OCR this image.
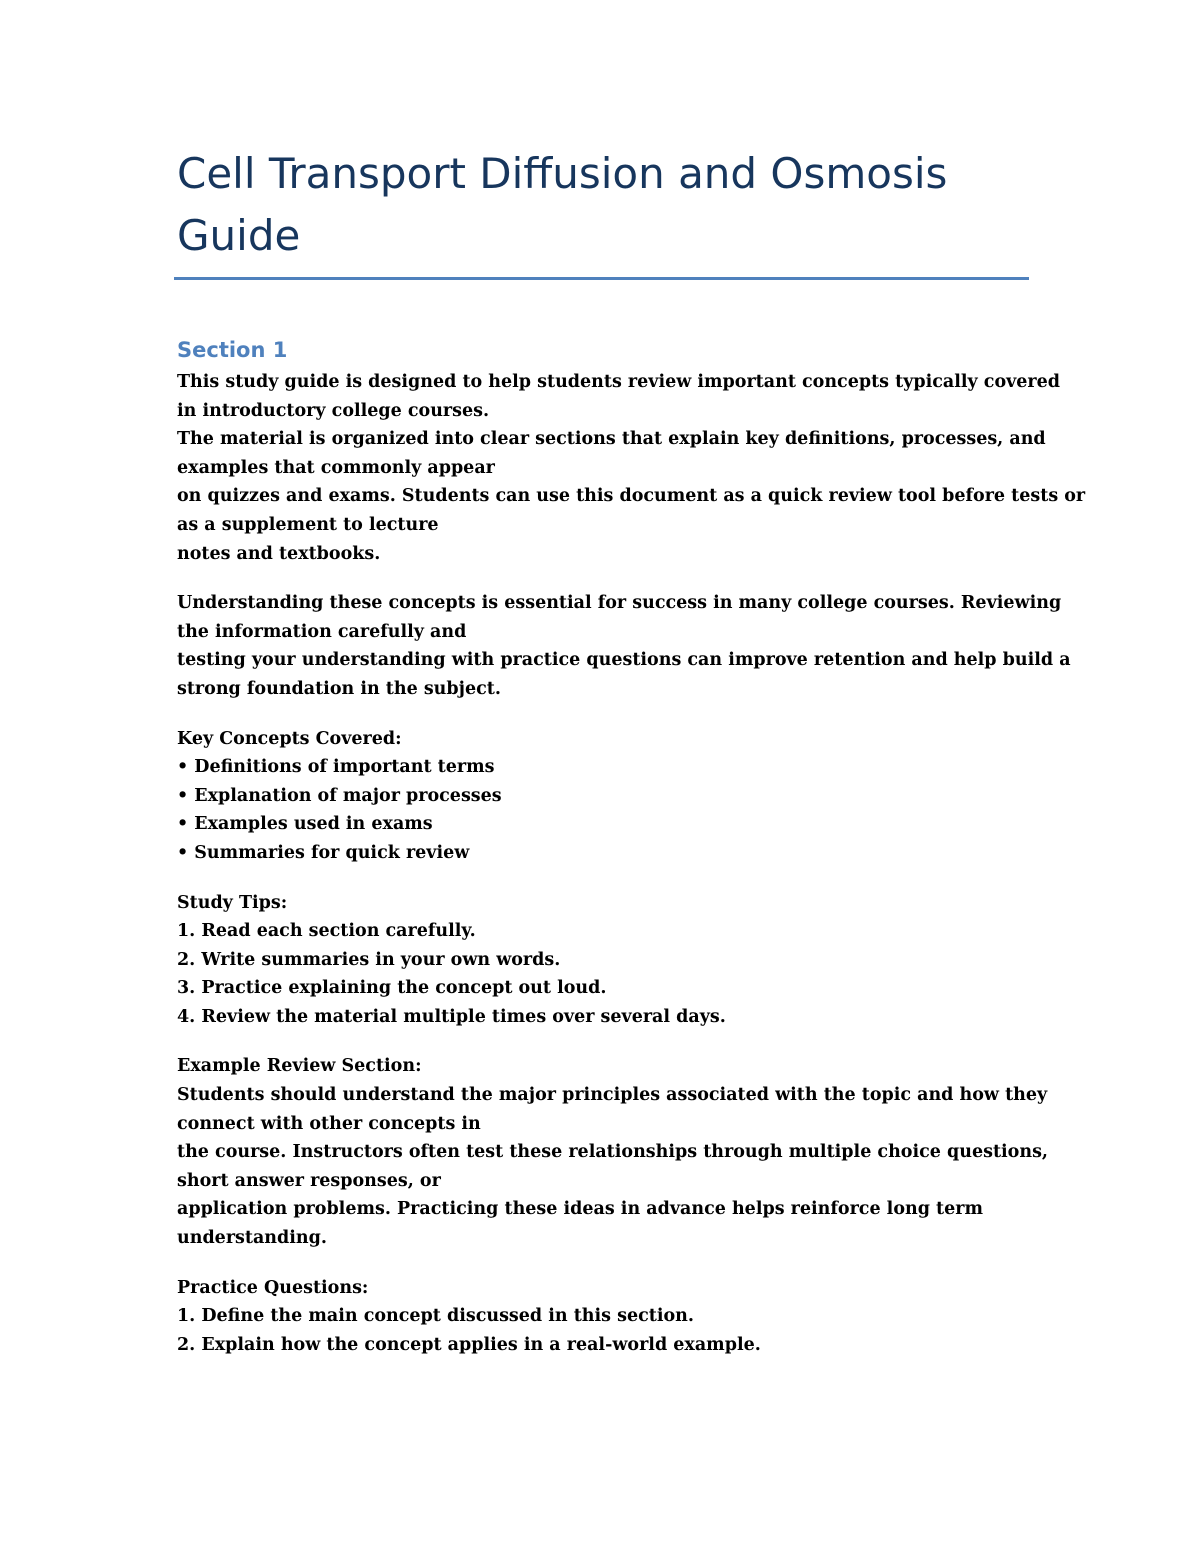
Cell Transport Diffusion and Osmosis
Guide
Section 1
This study guide is designed to help students review important concepts typically covered
in introductory college courses.
The material is organized into clear sections that explain key definitions, processes, and
examples that commonly appear
on quizzes and exams. Students can use this document as a quick review tool before tests or
as a supplement to lecture
notes and textbooks.
Understanding these concepts is essential for success in many college courses. Reviewing
the information carefully and
testing your understanding with practice questions can improve retention and help build a
strong foundation in the subject.
Key Concepts Covered:
• Definitions of important terms
• Explanation of major processes
• Examples used in exams
• Summaries for quick review
Study Tips:
1. Read each section carefully.
2. Write summaries in your own words.
3. Practice explaining the concept out loud.
4. Review the material multiple times over several days.
Example Review Section:
Students should understand the major principles associated with the topic and how they
connect with other concepts in
the course. Instructors often test these relationships through multiple choice questions,
short answer responses, or
application problems. Practicing these ideas in advance helps reinforce long term
understanding.
Practice Questions:
1. Define the main concept discussed in this section.
2. Explain how the concept applies in a real-world example.
